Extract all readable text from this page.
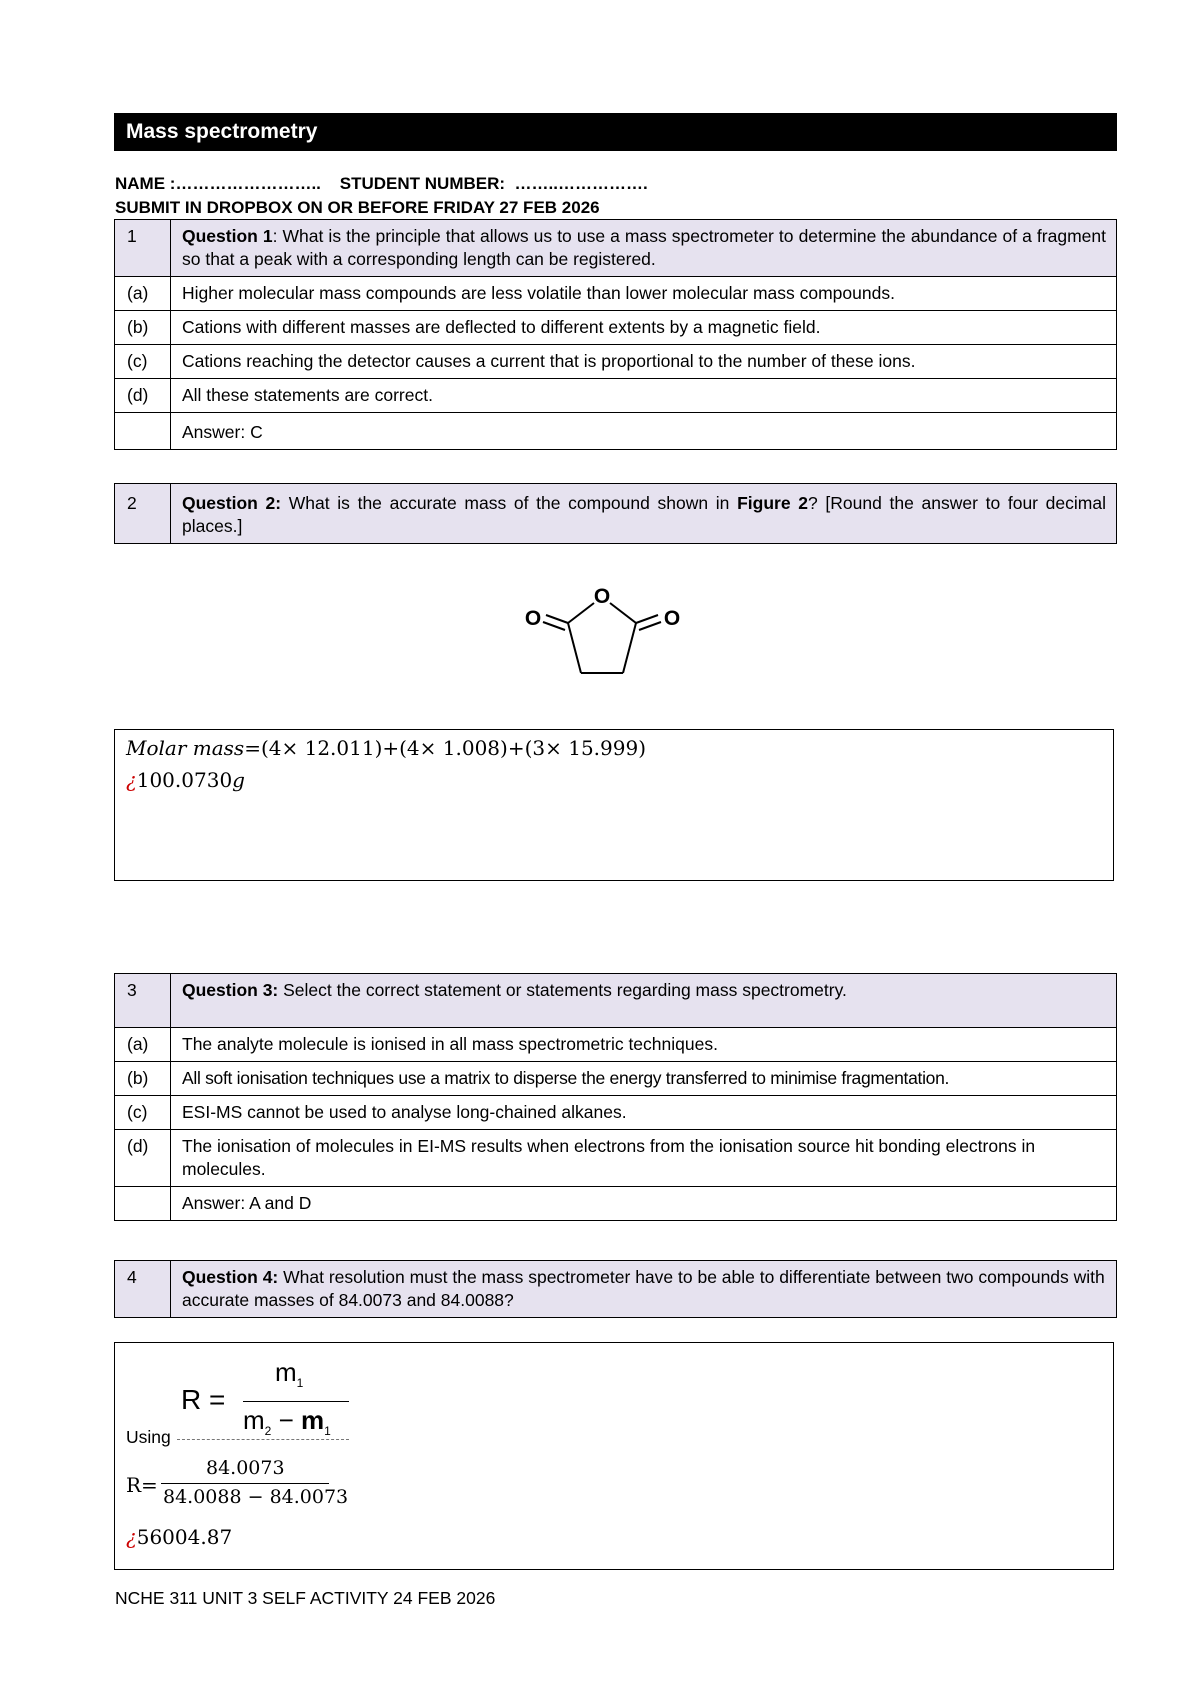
Mass spectrometry
NAME :……………………..    STUDENT NUMBER:  ……..…………….
SUBMIT IN DROPBOX ON OR BEFORE FRIDAY 27 FEB 2026
1	Question 1: What is the principle that allows us to use a mass spectrometer to determine the abundance of a fragment so that a peak with a corresponding length can be registered.
(a)	Higher molecular mass compounds are less volatile than lower molecular mass compounds.
(b)	Cations with different masses are deflected to different extents by a magnetic field.
(c)	Cations reaching the detector causes a current that is proportional to the number of these ions.
(d)	All these statements are correct.
	Answer: C
2	Question 2: What is the accurate mass of the compound shown in Figure 2? [Round the answer to four decimal places.]
O
O	O
Molar mass=(4× 12.011)+(4× 1.008)+(3× 15.999)
¿100.0730g
3	Question 3: Select the correct statement or statements regarding mass spectrometry.
(a)	The analyte molecule is ionised in all mass spectrometric techniques.
(b)	All soft ionisation techniques use a matrix to disperse the energy transferred to minimise fragmentation.
(c)	ESI-MS cannot be used to analyse long-chained alkanes.
(d)	The ionisation of molecules in EI-MS results when electrons from the ionisation source hit bonding electrons in molecules.
	Answer: A and D
4	Question 4: What resolution must the mass spectrometer have to be able to differentiate between two compounds with accurate masses of 84.0073 and 84.0088?
R =
$m_1$
$m_2 - m_1$
Using
R=
84.0073
84.0088 − 84.0073
¿56004.87
NCHE 311 UNIT 3 SELF ACTIVITY 24 FEB 2026
